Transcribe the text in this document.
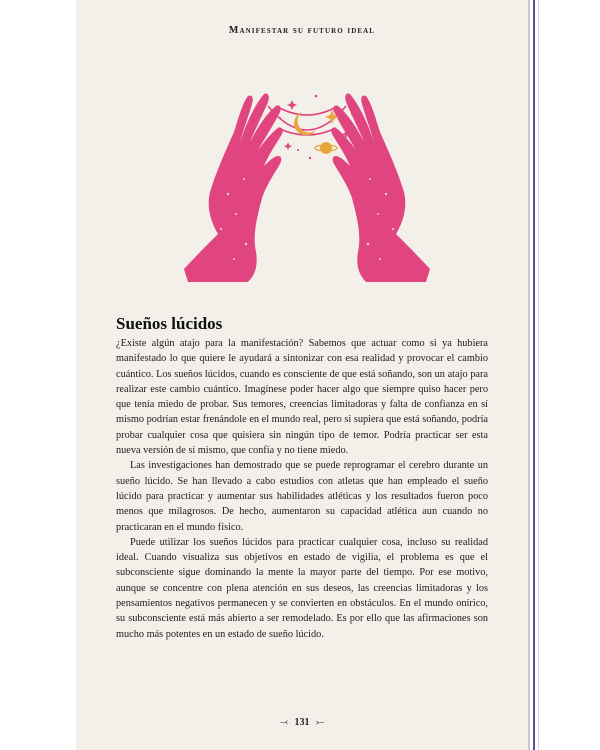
Manifestar su futuro ideal
Sueños lúcidos

¿Existe algún atajo para la manifestación? Sabemos que actuar como si ya hubiera manifestado lo que quiere le ayudará a sintonizar con esa realidad y provocar el cambio cuántico. Los sueños lúcidos, cuando es consciente de que está soñando, son un atajo para realizar este cambio cuántico. Imagínese poder hacer algo que siempre quiso hacer pero que tenía miedo de probar. Sus temores, creencias limitadoras y falta de confianza en sí mismo podrían estar frenándole en el mundo real, pero si supiera que está soñando, podría probar cualquier cosa que quisiera sin ningún tipo de temor. Podría practicar ser esta nueva versión de sí mismo, que confía y no tiene miedo.

Las investigaciones han demostrado que se puede reprogramar el cerebro durante un sueño lúcido. Se han llevado a cabo estudios con atletas que han empleado el sueño lúcido para practicar y aumentar sus habilidades atléticas y los resultados fueron poco menos que milagrosos. De hecho, aumentaron su capacidad atlética aun cuando no practicaran en el mundo físico.

Puede utilizar los sueños lúcidos para practicar cualquier cosa, incluso su realidad ideal. Cuando visualiza sus objetivos en estado de vigilia, el problema es que el subconsciente sigue dominando la mente la mayor parte del tiempo. Por ese motivo, aunque se concentre con plena atención en sus deseos, las creencias limitadoras y los pensamientos negativos permanecen y se convierten en obstáculos. En el mundo onírico, su subconsciente está más abierto a ser remodelado. Es por ello que las afirmaciones son mucho más potentes en un estado de sueño lúcido.

⤙ 131 ⤚
